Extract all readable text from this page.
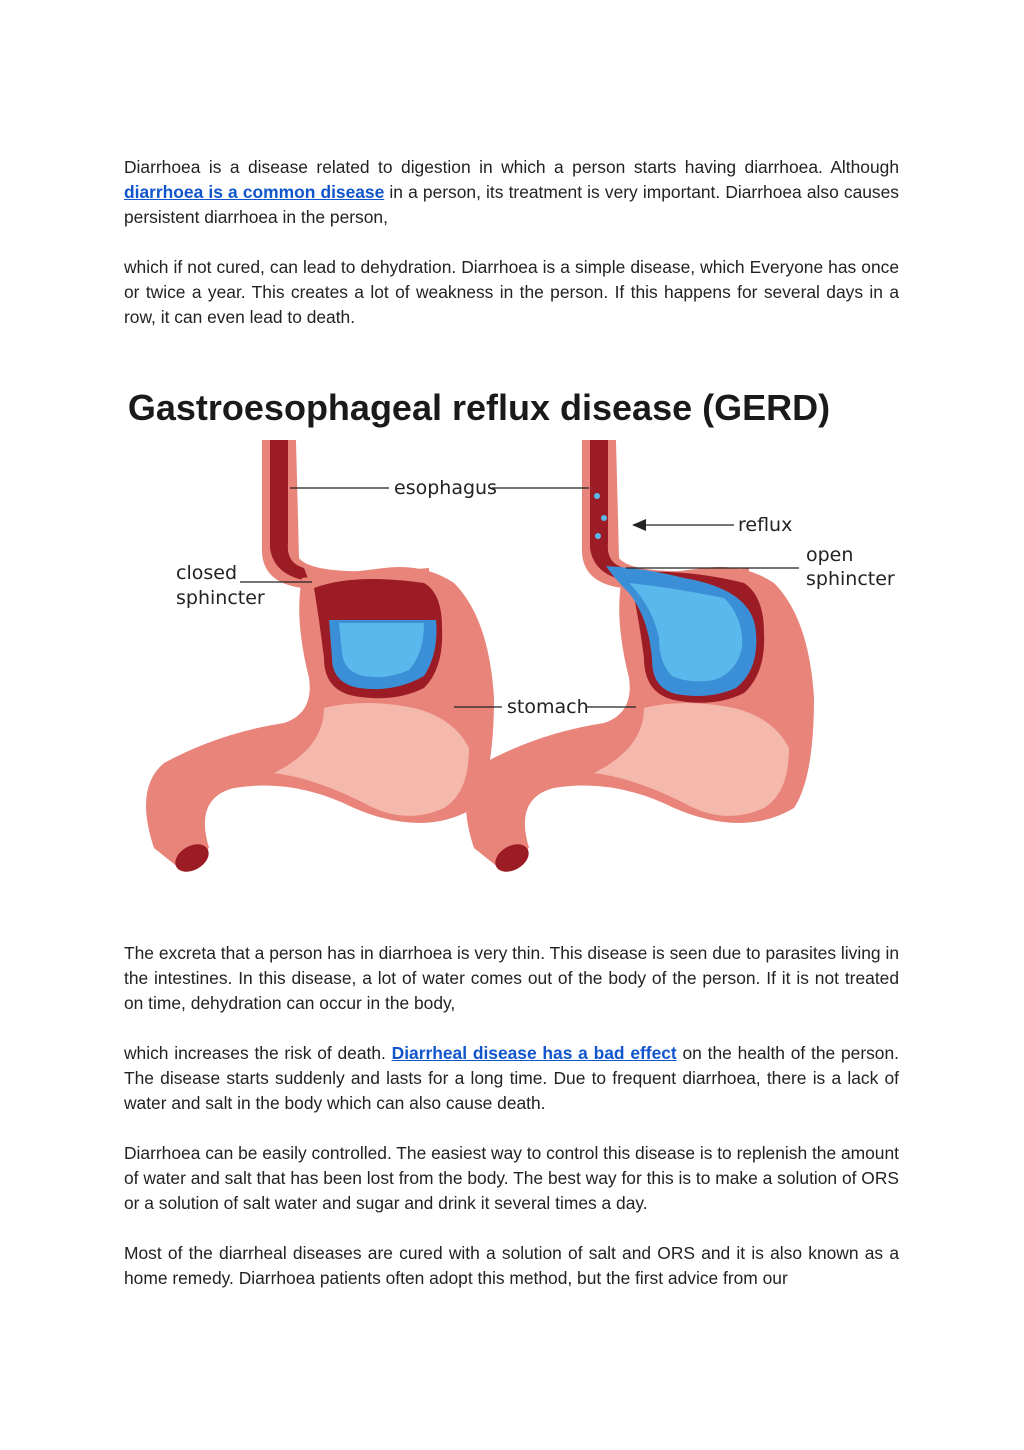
Diarrhoea is a disease related to digestion in which a person starts having diarrhoea. Although diarrhoea is a common disease in a person, its treatment is very important. Diarrhoea also causes persistent diarrhoea in the person,

which if not cured, can lead to dehydration. Diarrhoea is a simple disease, which Everyone has once or twice a year. This creates a lot of weakness in the person. If this happens for several days in a row, it can even lead to death.

Gastroesophageal reflux disease (GERD)
esophagus
closed
sphincter
stomach
reflux
open
sphincter

The excreta that a person has in diarrhoea is very thin. This disease is seen due to parasites living in the intestines. In this disease, a lot of water comes out of the body of the person. If it is not treated on time, dehydration can occur in the body,

which increases the risk of death. Diarrheal disease has a bad effect on the health of the person. The disease starts suddenly and lasts for a long time. Due to frequent diarrhoea, there is a lack of water and salt in the body which can also cause death.

Diarrhoea can be easily controlled. The easiest way to control this disease is to replenish the amount of water and salt that has been lost from the body. The best way for this is to make a solution of ORS or a solution of salt water and sugar and drink it several times a day.

Most of the diarrheal diseases are cured with a solution of salt and ORS and it is also known as a home remedy. Diarrhoea patients often adopt this method, but the first advice from our
